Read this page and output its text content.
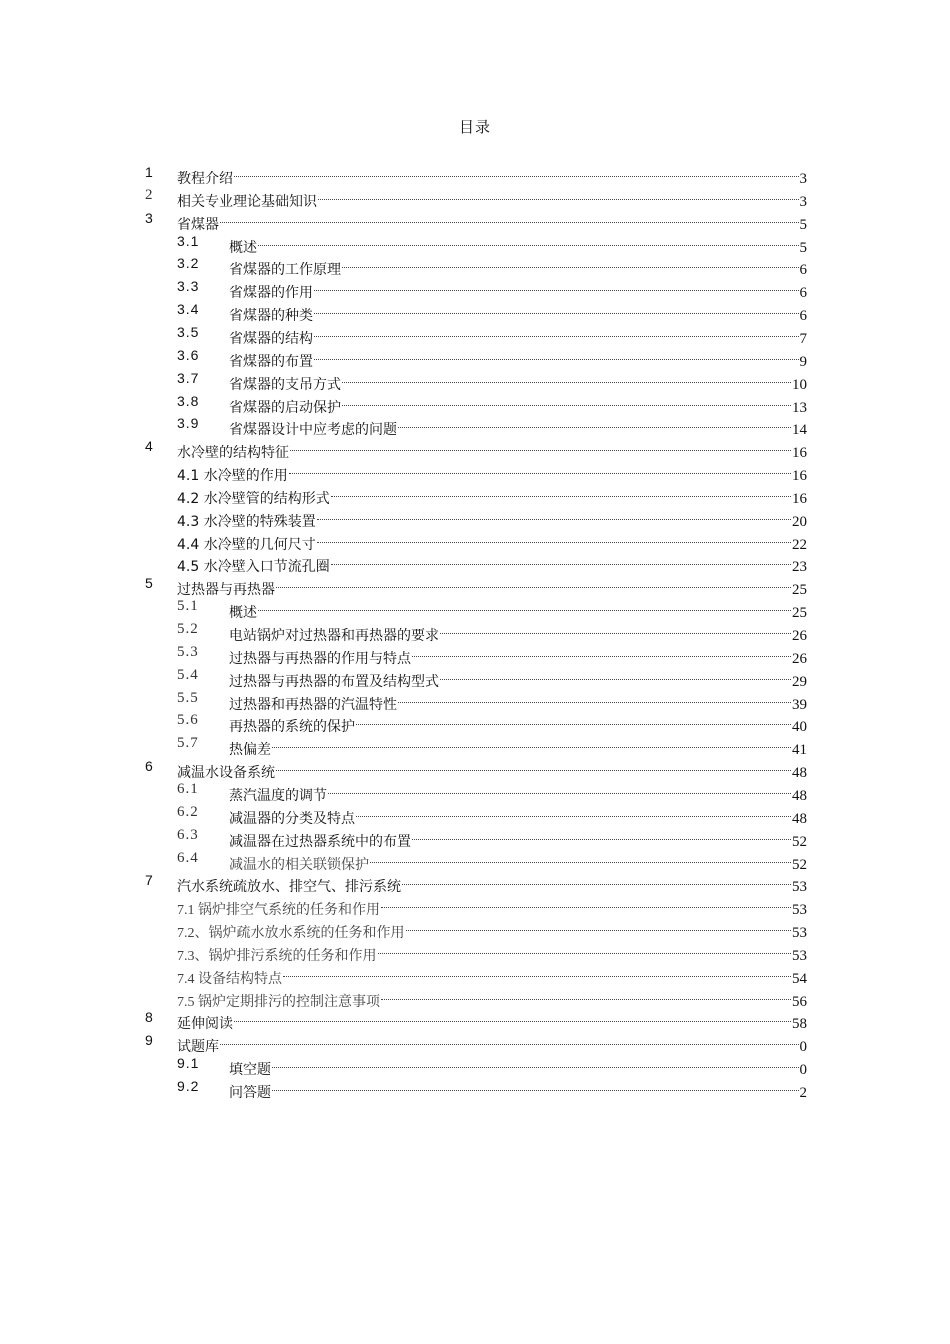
目录
1 教程介绍	3
2 相关专业理论基础知识	3
3 省煤器	5
3.1 概述	5
3.2 省煤器的工作原理	6
3.3 省煤器的作用	6
3.4 省煤器的种类	6
3.5 省煤器的结构	7
3.6 省煤器的布置	9
3.7 省煤器的支吊方式	10
3.8 省煤器的启动保护	13
3.9 省煤器设计中应考虑的问题	14
4 水冷壁的结构特征	16
4.1 水冷壁的作用	16
4.2 水冷壁管的结构形式	16
4.3 水冷壁的特殊装置	20
4.4 水冷壁的几何尺寸	22
4.5 水冷壁入口节流孔圈	23
5 过热器与再热器	25
5.1 概述	25
5.2 电站锅炉对过热器和再热器的要求	26
5.3 过热器与再热器的作用与特点	26
5.4 过热器与再热器的布置及结构型式	29
5.5 过热器和再热器的汽温特性	39
5.6 再热器的系统的保护	40
5.7 热偏差	41
6 减温水设备系统	48
6.1 蒸汽温度的调节	48
6.2 减温器的分类及特点	48
6.3 减温器在过热器系统中的布置	52
6.4 减温水的相关联锁保护	52
7 汽水系统疏放水、排空气、排污系统	53
7.1 锅炉排空气系统的任务和作用	53
7.2、锅炉疏水放水系统的任务和作用	53
7.3、锅炉排污系统的任务和作用	53
7.4 设备结构特点	54
7.5 锅炉定期排污的控制注意事项	56
8 延伸阅读	58
9 试题库	0
9.1 填空题	0
9.2 问答题	2
